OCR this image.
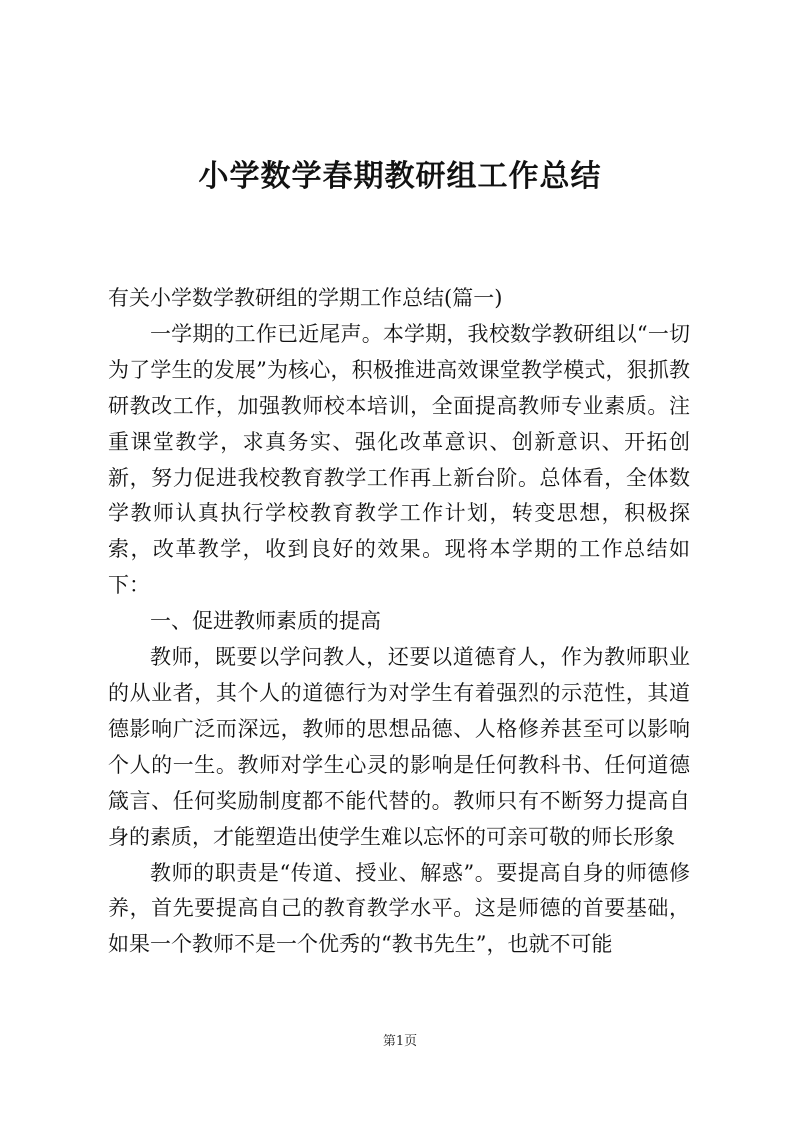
小学数学春期教研组工作总结

有关小学数学教研组的学期工作总结(篇一)

一学期的工作已近尾声。本学期，我校数学教研组以“一切为了学生的发展”为核心，积极推进高效课堂教学模式，狠抓教研教改工作，加强教师校本培训，全面提高教师专业素质。注重课堂教学，求真务实、强化改革意识、创新意识、开拓创新，努力促进我校教育教学工作再上新台阶。总体看，全体数学教师认真执行学校教育教学工作计划，转变思想，积极探索，改革教学，收到良好的效果。现将本学期的工作总结如下：

一、促进教师素质的提高

教师，既要以学问教人，还要以道德育人，作为教师职业的从业者，其个人的道德行为对学生有着强烈的示范性，其道德影响广泛而深远，教师的思想品德、人格修养甚至可以影响个人的一生。教师对学生心灵的影响是任何教科书、任何道德箴言、任何奖励制度都不能代替的。教师只有不断努力提高自身的素质，才能塑造出使学生难以忘怀的可亲可敬的师长形象

教师的职责是“传道、授业、解惑”。要提高自身的师德修养，首先要提高自己的教育教学水平。这是师德的首要基础，如果一个教师不是一个优秀的“教书先生”，也就不可能

第1页
